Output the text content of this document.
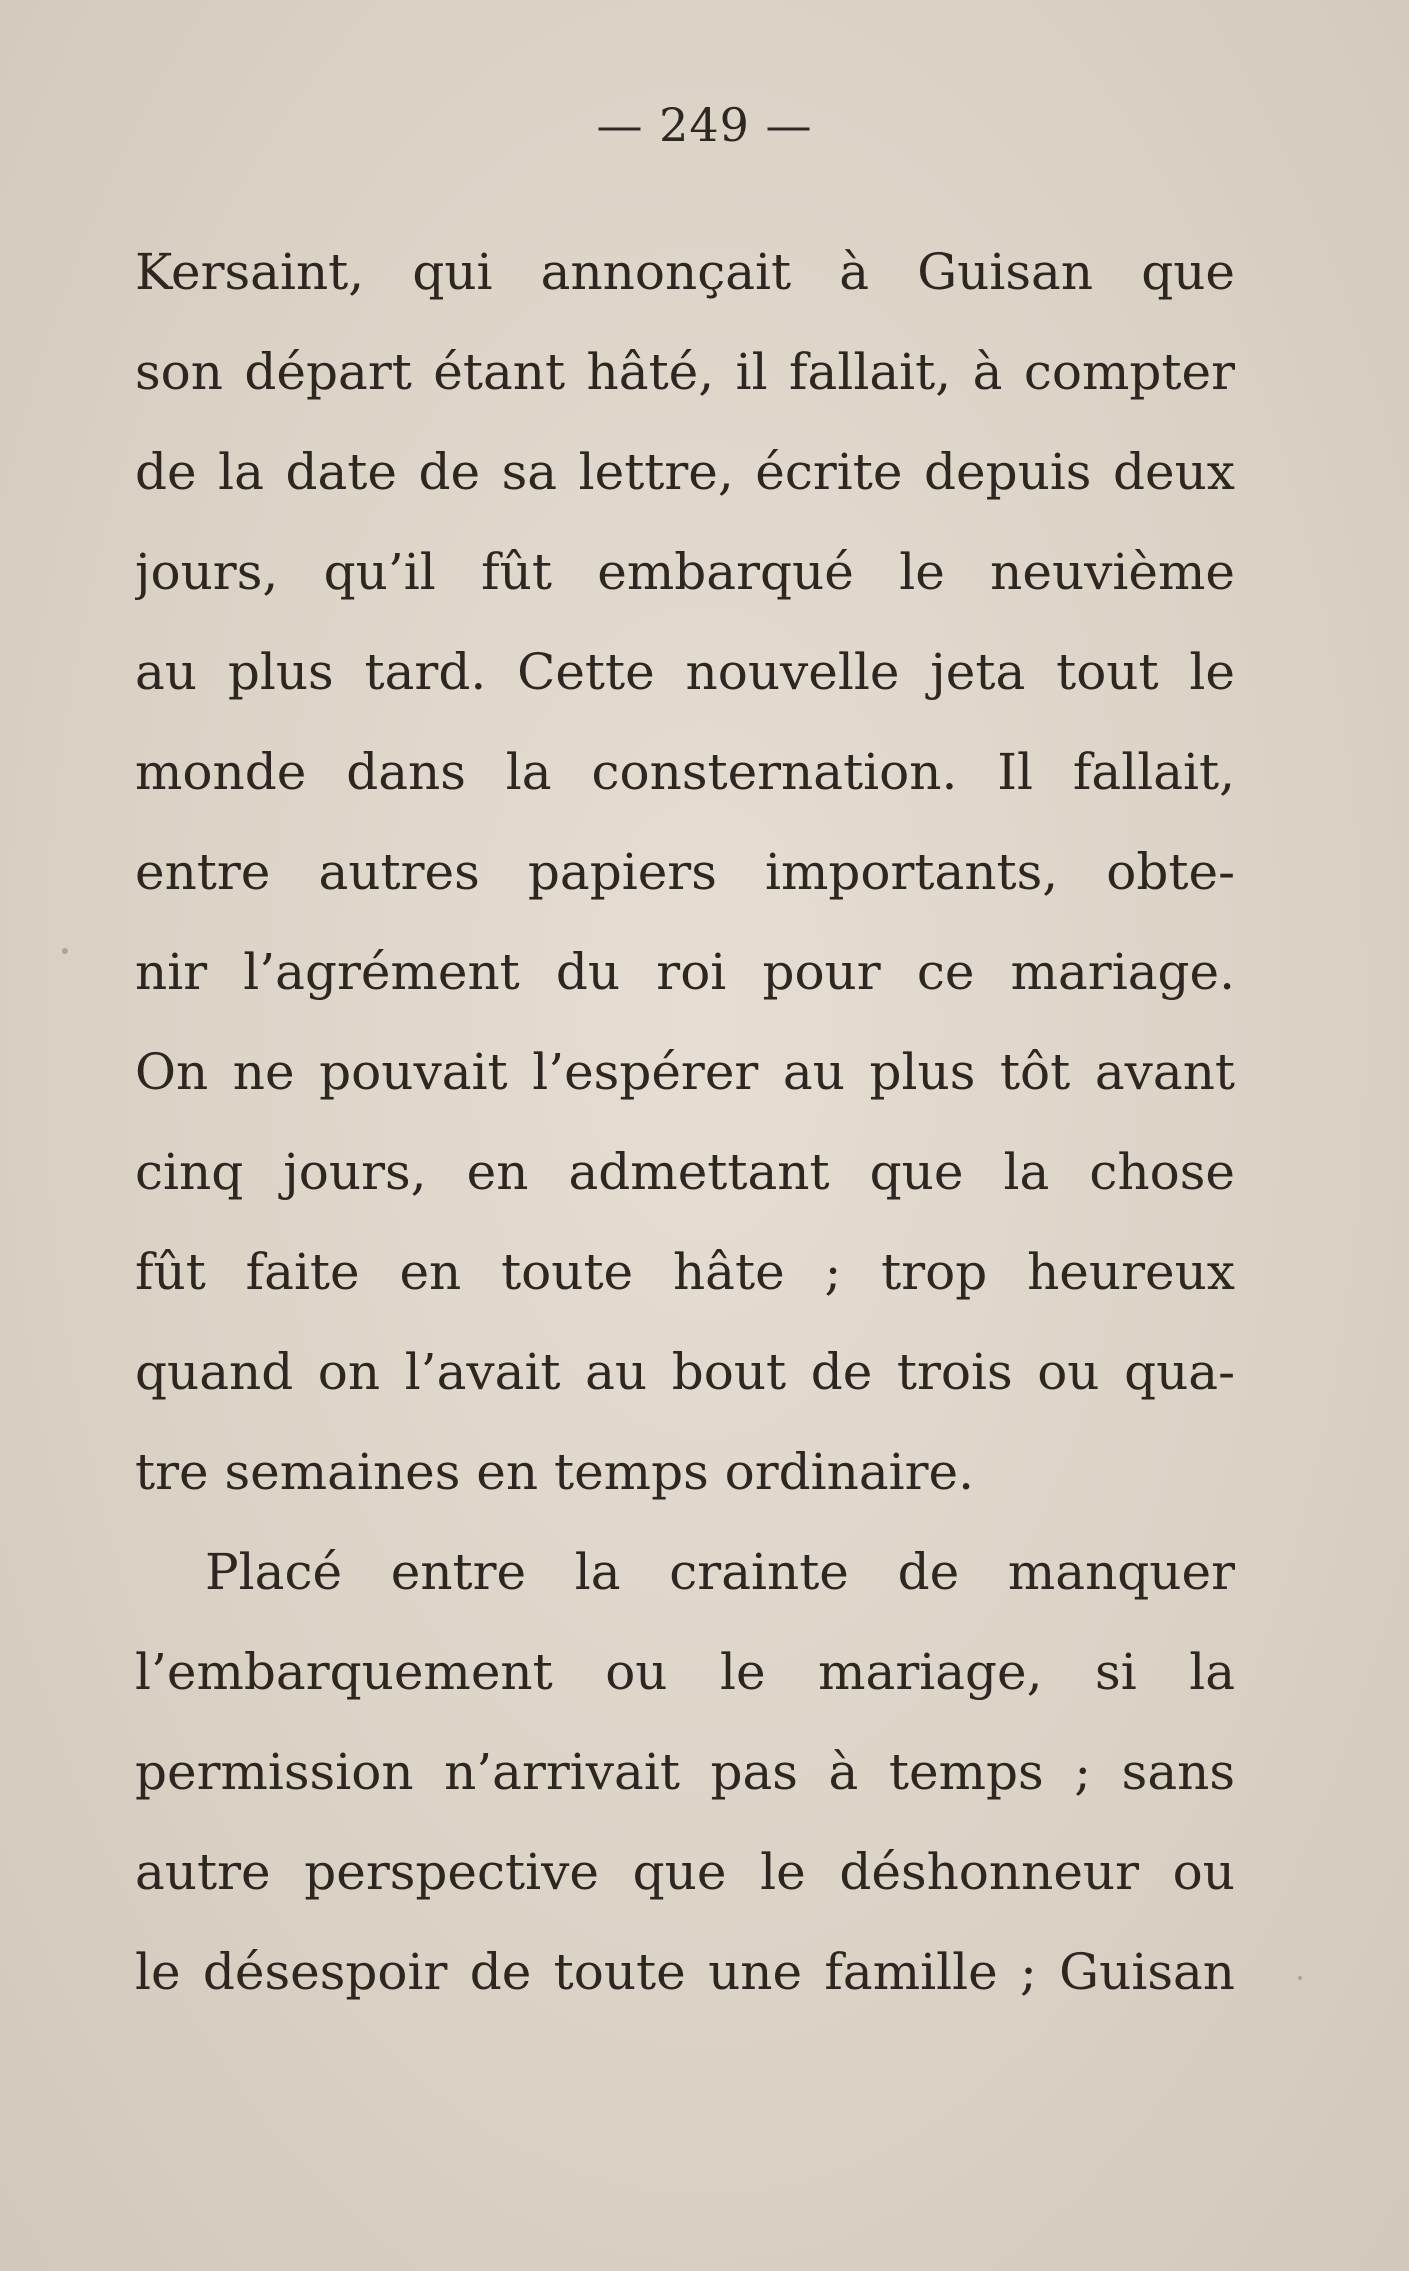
— 249 —
Kersaint, qui annonçait à Guisan que
son départ étant hâté, il fallait, à compter
de la date de sa lettre, écrite depuis deux
jours, qu’il fût embarqué le neuvième
au plus tard. Cette nouvelle jeta tout le
monde dans la consternation. Il fallait,
entre autres papiers importants, obte-
nir l’agrément du roi pour ce mariage.
On ne pouvait l’espérer au plus tôt avant
cinq jours, en admettant que la chose
fût faite en toute hâte ; trop heureux
quand on l’avait au bout de trois ou qua-
tre semaines en temps ordinaire.
Placé entre la crainte de manquer
l’embarquement ou le mariage, si la
permission n’arrivait pas à temps ; sans
autre perspective que le déshonneur ou
le désespoir de toute une famille ; Guisan
